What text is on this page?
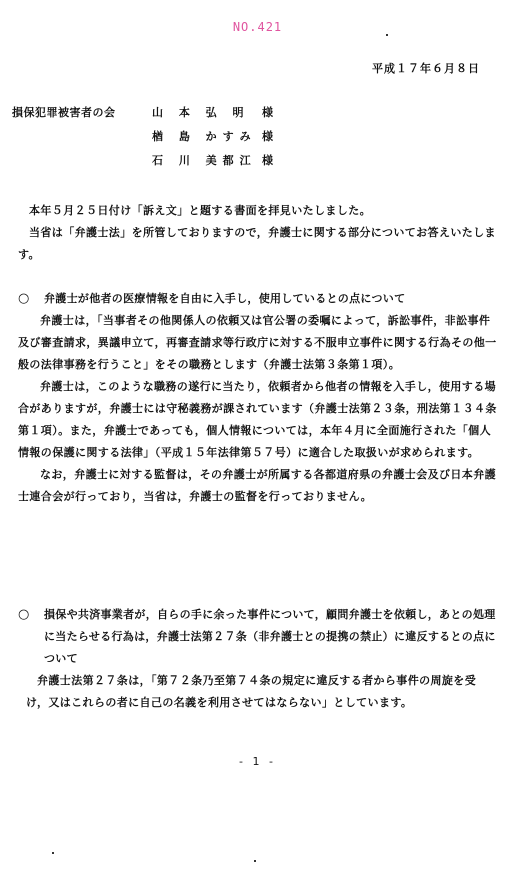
NO.421
平成１７年６月８日
損保犯罪被害者の会	山 本 弘 明 様
楢 島 かすみ 様
石 川 美都江 様

本年５月２５日付け「訴え文」と題する書面を拝見いたしました。

当省は「弁護士法」を所管しておりますので，弁護士に関する部分についてお答えいたします。

○ 弁護士が他者の医療情報を自由に入手し，使用しているとの点について

弁護士は，「当事者その他関係人の依頼又は官公署の委嘱によって，訴訟事件，非訟事件及び審査請求，異議申立て，再審査請求等行政庁に対する不服申立事件に関する行為その他一般の法律事務を行うこと」をその職務とします（弁護士法第３条第１項）。

弁護士は，このような職務の遂行に当たり，依頼者から他者の情報を入手し，使用する場合がありますが，弁護士には守秘義務が課されています（弁護士法第２３条，刑法第１３４条第１項）。また，弁護士であっても，個人情報については，本年４月に全面施行された「個人情報の保護に関する法律」（平成１５年法律第５７号）に適合した取扱いが求められます。

なお，弁護士に対する監督は，その弁護士が所属する各都道府県の弁護士会及び日本弁護士連合会が行っており，当省は，弁護士の監督を行っておりません。

○ 損保や共済事業者が，自らの手に余った事件について，顧問弁護士を依頼し，あとの処理に当たらせる行為は，弁護士法第２７条（非弁護士との提携の禁止）に違反するとの点について

弁護士法第２７条は，「第７２条乃至第７４条の規定に違反する者から事件の周旋を受け，又はこれらの者に自己の名義を利用させてはならない」としています。

- 1 -
